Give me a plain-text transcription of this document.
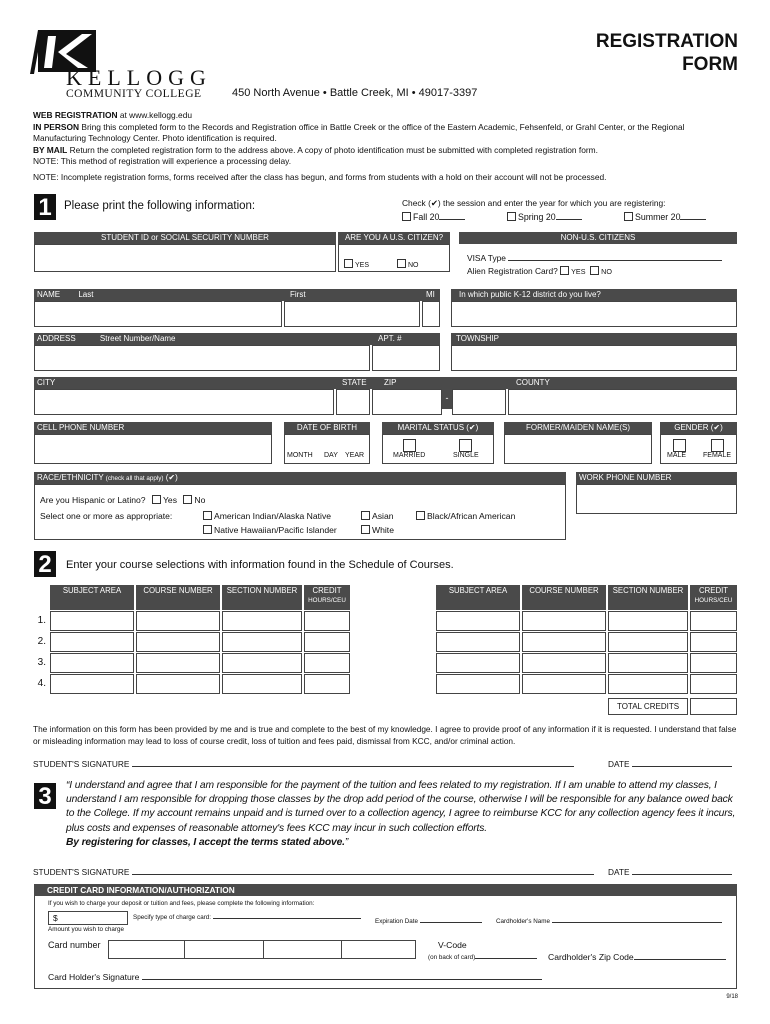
KELLOGG
COMMUNITY COLLEGE	450 North Avenue • Battle Creek, MI • 49017-3397
REGISTRATION
FORM
WEB REGISTRATION at www.kellogg.edu
IN PERSON Bring this completed form to the Records and Registration office in Battle Creek or the office of the Eastern Academic, Fehsenfeld, or Grahl Center, or the Regional Manufacturing Technology Center. Photo identification is required.
BY MAIL Return the completed registration form to the address above. A copy of photo identification must be submitted with completed registration form.
NOTE: This method of registration will experience a processing delay.
NOTE: Incomplete registration forms, forms received after the class has begun, and forms from students with a hold on their account will not be processed.
1	Please print the following information:	Check (✔) the session and enter the year for which you are registering:
Fall 20	Spring 20	Summer 20
STUDENT ID or SOCIAL SECURITY NUMBER	ARE YOU A U.S. CITIZEN?
YES	NO
NON-U.S. CITIZENS
VISA Type
Alien Registration Card? YES NO
NAME Last	First	MI	In which public K-12 district do you live?
ADDRESS	Street Number/Name	APT. #	TOWNSHIP
CITY	STATE ZIP	COUNTY
-
CELL PHONE NUMBER	DATE OF BIRTH
MONTH DAY YEAR
MARITAL STATUS (✔)
MARRIED	SINGLE
FORMER/MAIDEN NAME(S)	GENDER (✔)
MALE FEMALE
RACE/ETHNICITY (check all that apply) (✔)
Are you Hispanic or Latino? Yes No
Select one or more as appropriate:	American Indian/Alaska Native	Asian	Black/African American
Native Hawaiian/Pacific Islander	White
WORK PHONE NUMBER
2	Enter your course selections with information found in the Schedule of Courses.
SUBJECT AREA	COURSE NUMBER	SECTION NUMBER	CREDIT
HOURS/CEU
SUBJECT AREA	COURSE NUMBER	SECTION NUMBER	CREDIT
HOURS/CEU
1.
2.
3.
4.
TOTAL CREDITS
The information on this form has been provided by me and is true and complete to the best of my knowledge. I agree to provide proof of any information if it is requested. I understand that false or misleading information may lead to loss of course credit, loss of tuition and fees paid, dismissal from KCC, and/or criminal action.
STUDENT'S SIGNATURE	DATE
3	“I understand and agree that I am responsible for the payment of the tuition and fees related to my registration. If I am unable to attend my classes, I understand I am responsible for dropping those classes by the drop add period of the course, otherwise I will be responsible for any balance owed back to the College. If my account remains unpaid and is turned over to a collection agency, I agree to reimburse KCC for any collection agency fees it incurs, plus costs and expenses of reasonable attorney's fees KCC may incur in such collection efforts.
By registering for classes, I accept the terms stated above.”
STUDENT'S SIGNATURE	DATE
CREDIT CARD INFORMATION/AUTHORIZATION
If you wish to charge your deposit or tuition and fees, please complete the following information:
$
Amount you wish to charge
Specify type of charge card:
Expiration Date	Cardholder's Name
Card number	V-Code
(on back of card)	Cardholder's Zip Code
Card Holder's Signature
9/18
